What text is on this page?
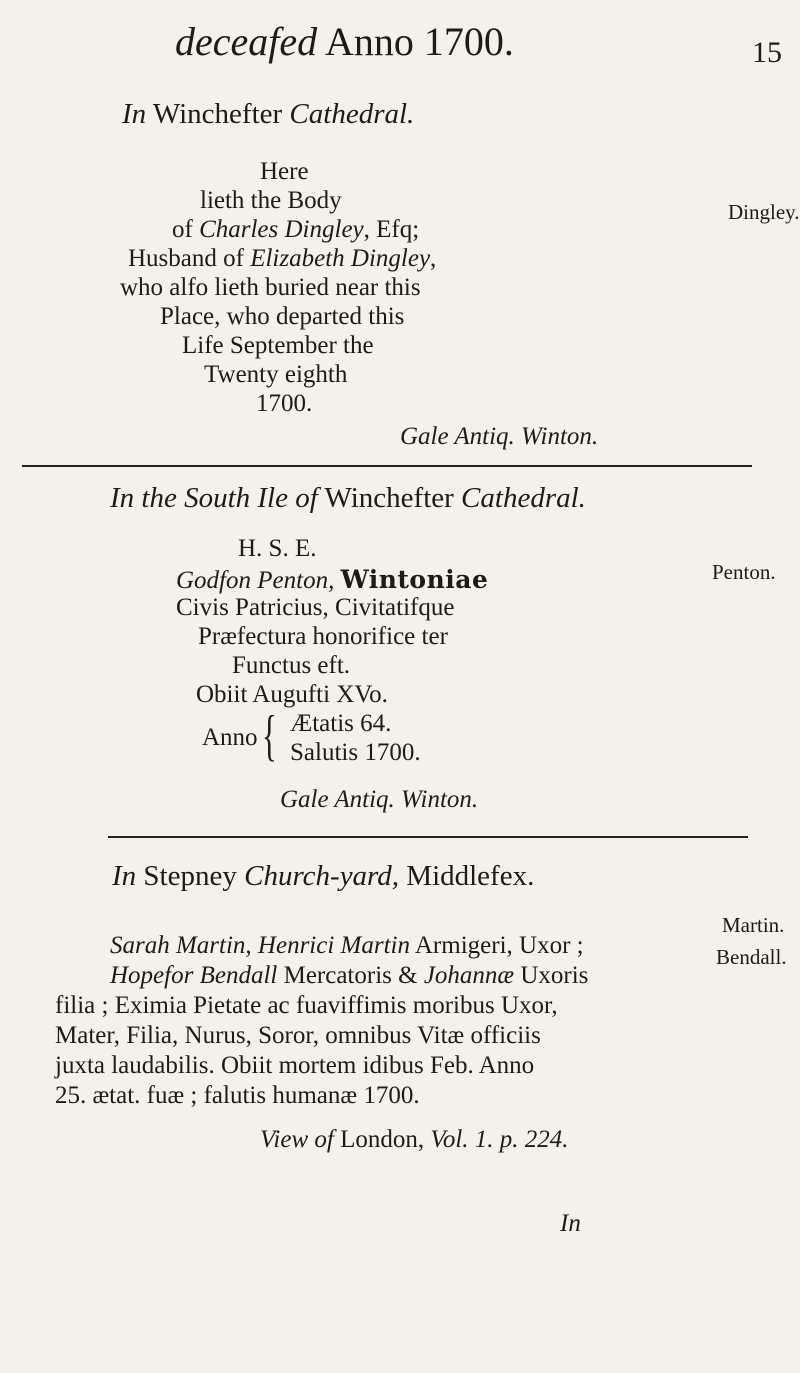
deceafed Anno 1700.	15
In Winchefter Cathedral.
Dingley.
Here
lieth the Body
of Charles Dingley, Efq;
Husband of Elizabeth Dingley,
who alfo lieth buried near this
Place, who departed this
Life September the
Twenty eighth
1700.
Gale Antiq. Winton.
In the South Ile of Winchefter Cathedral.
Penton.
H. S. E.
Godfon Penton, Wintoniae
Civis Patricius, Civitatifque
Præfectura honorifice ter
Functus eft.
Obiit Augufti XVo.
Anno { Ætatis 64.
Salutis 1700.
Gale Antiq. Winton.
In Stepney Church-yard, Middlefex.
Martin.
Bendall.
Sarah Martin, Henrici Martin Armigeri, Uxor ;
Hopefor Bendall Mercatoris & Johannæ Uxoris
filia ; Eximia Pietate ac fuaviffimis moribus Uxor,
Mater, Filia, Nurus, Soror, omnibus Vitæ officiis
juxta laudabilis. Obiit mortem idibus Feb. Anno
25. ætat. fuæ ; falutis humanæ 1700.
View of London, Vol. 1. p. 224.
In
